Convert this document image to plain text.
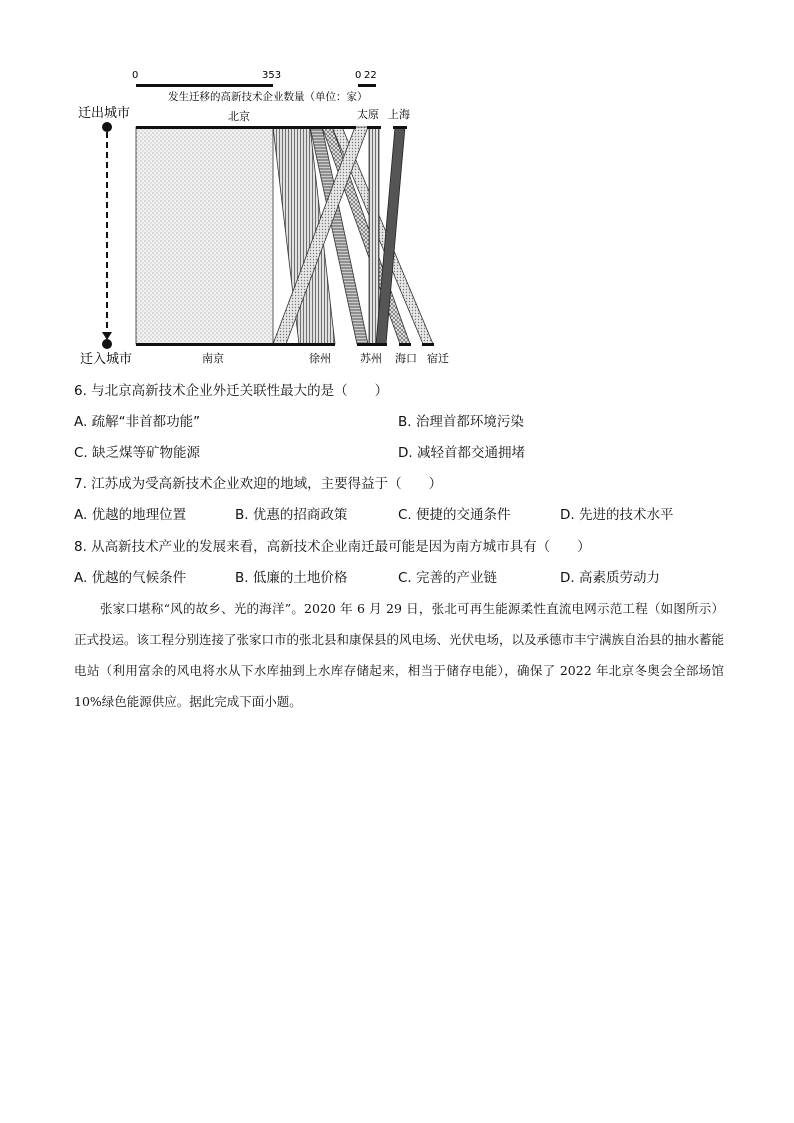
0	353	0 22
发生迁移的高新技术企业数量（单位：家）
迁出城市
迁入城市
北京	太原 上海
南京	徐州	苏州 海口 宿迁
6. 与北京高新技术企业外迁关联性最大的是（　　）
A. 疏解“非首都功能”	B. 治理首都环境污染
C. 缺乏煤等矿物能源	D. 减轻首都交通拥堵
7. 江苏成为受高新技术企业欢迎的地域，主要得益于（　　）
A. 优越的地理位置	B. 优惠的招商政策	C. 便捷的交通条件	D. 先进的技术水平
8. 从高新技术产业的发展来看，高新技术企业南迁最可能是因为南方城市具有（　　）
A. 优越的气候条件	B. 低廉的土地价格	C. 完善的产业链	D. 高素质劳动力

张家口堪称“风的故乡、光的海洋”。2020 年 6 月 29 日，张北可再生能源柔性直流电网示范工程（如图所示）正式投运。该工程分别连接了张家口市的张北县和康保县的风电场、光伏电场，以及承德市丰宁满族自治县的抽水蓄能电站（利用富余的风电将水从下水库抽到上水库存储起来，相当于储存电能），确保了 2022 年北京冬奥会全部场馆 10%绿色能源供应。据此完成下面小题。
